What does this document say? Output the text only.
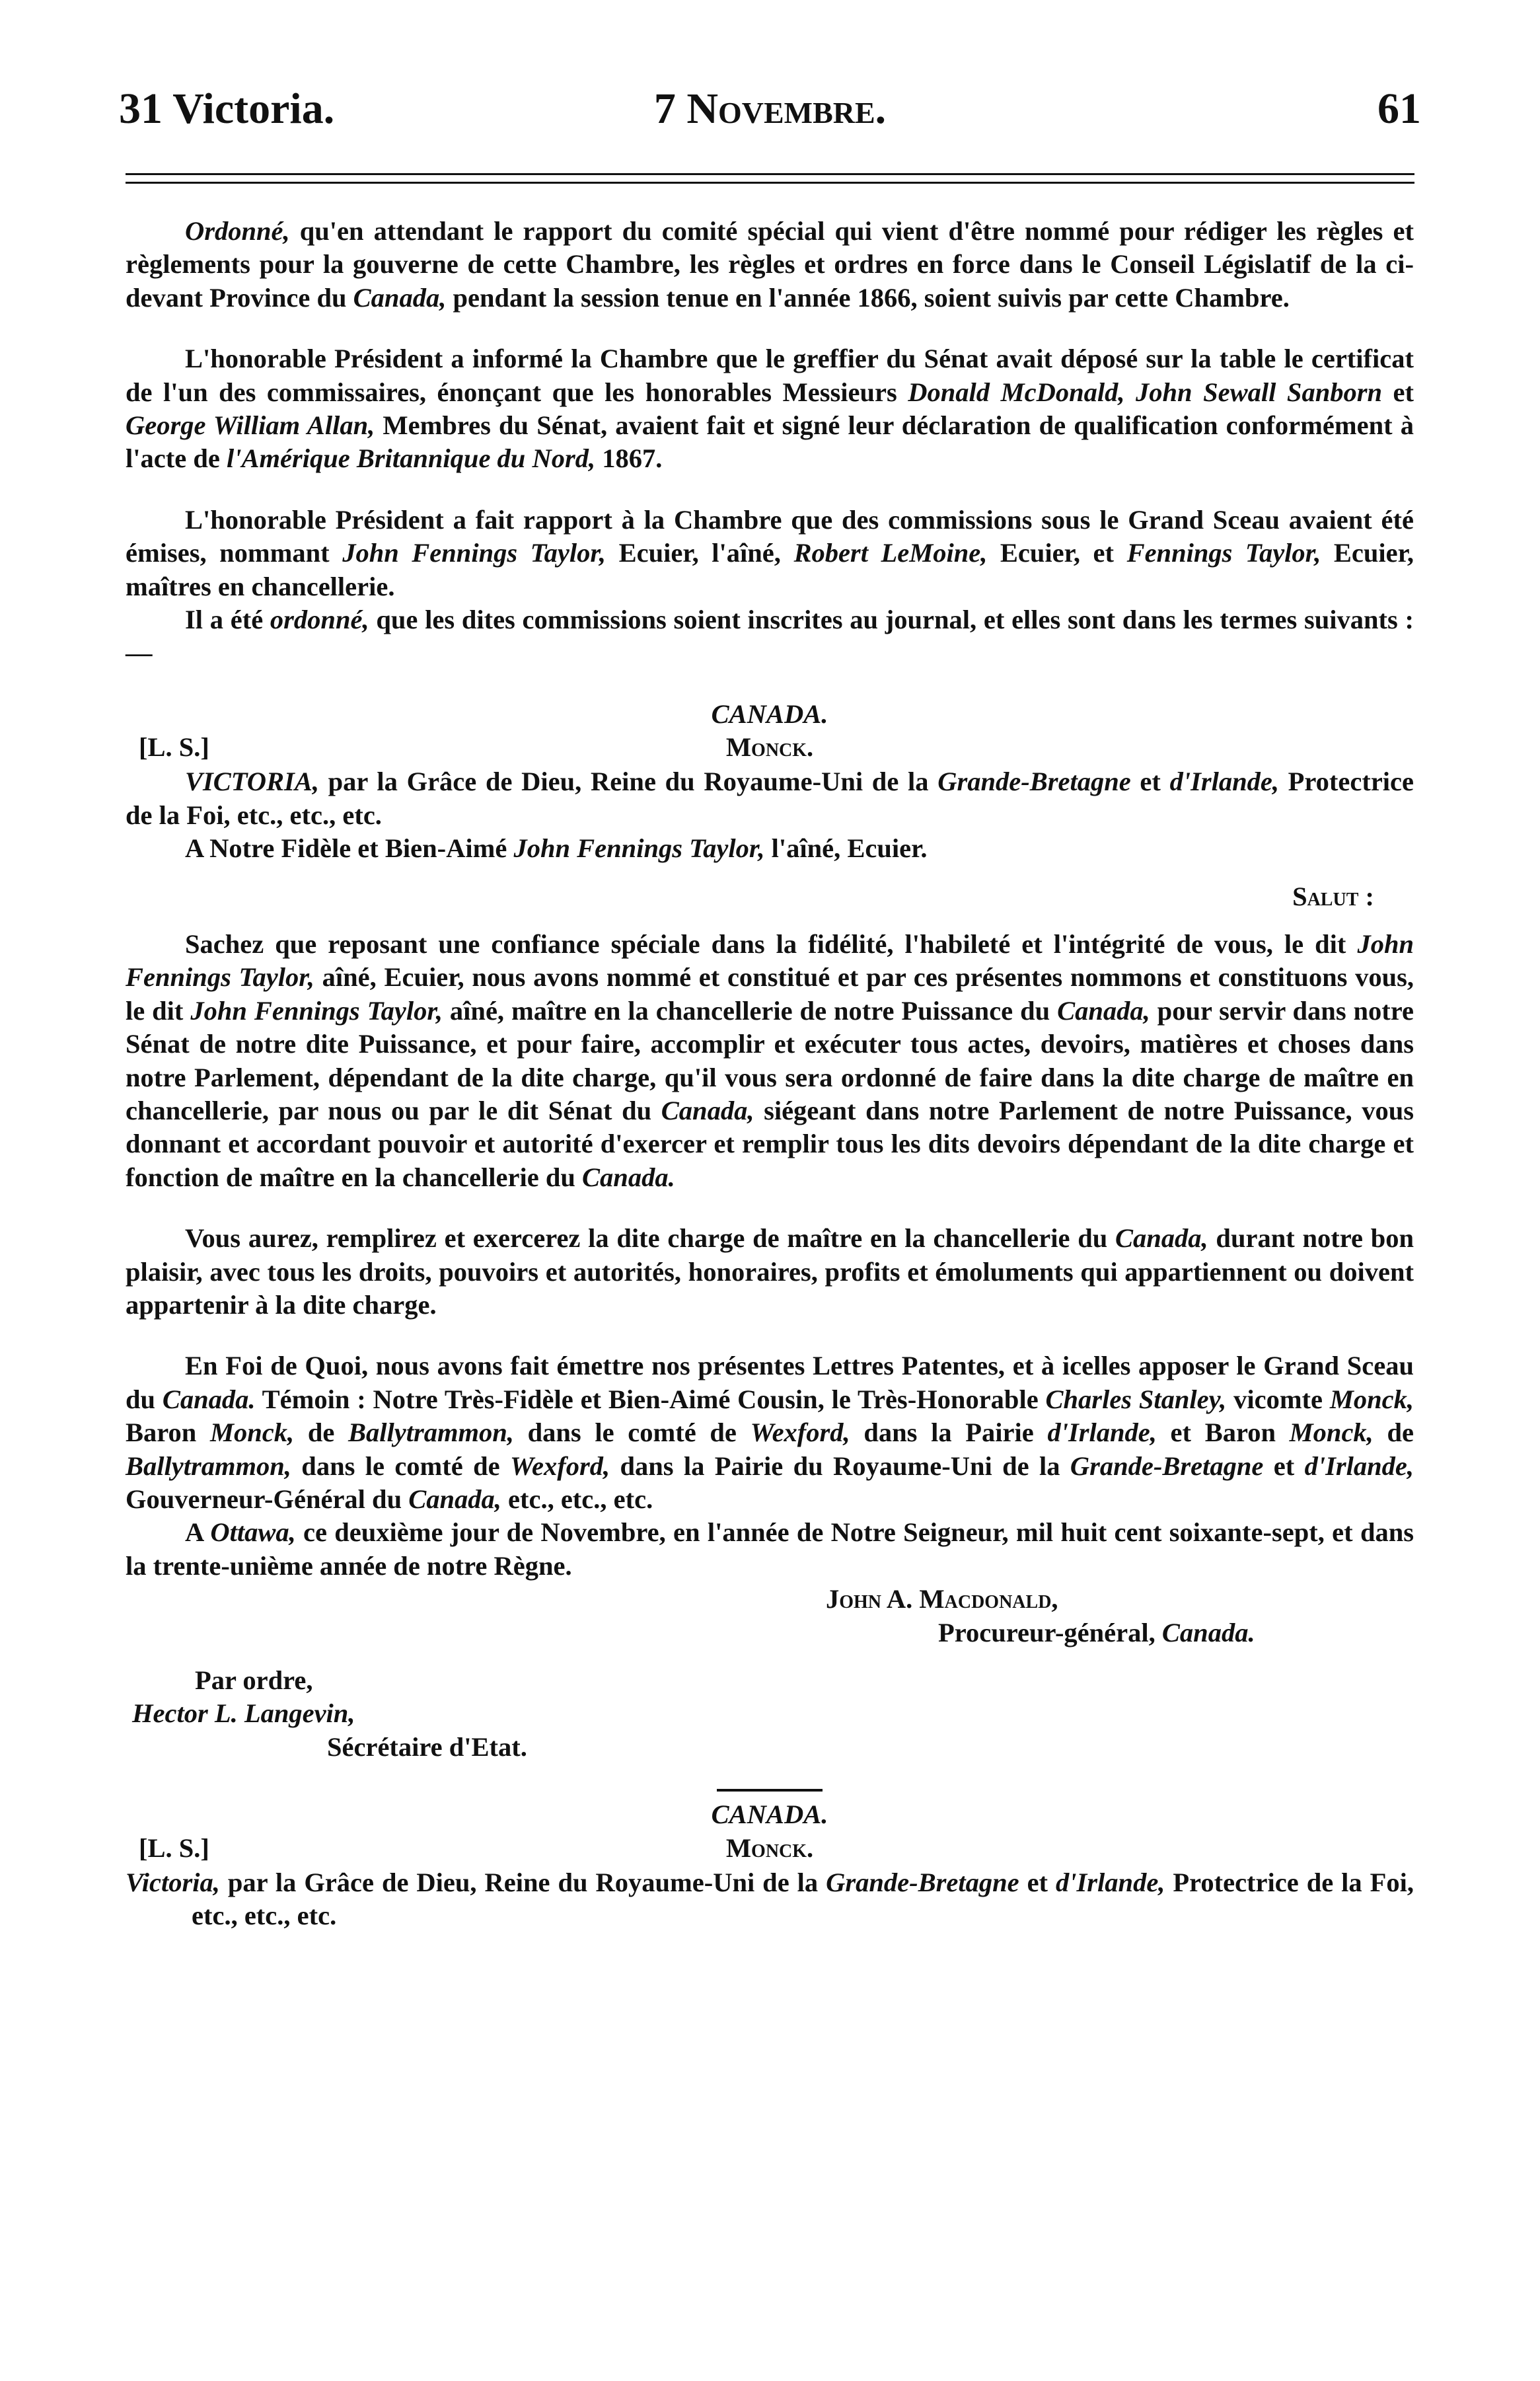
31 Victoria.	7 Novembre.	61

Ordonné, qu'en attendant le rapport du comité spécial qui vient d'être nommé pour rédiger les règles et règlements pour la gouverne de cette Chambre, les règles et ordres en force dans le Conseil Législatif de la ci-devant Province du Canada, pendant la session tenue en l'année 1866, soient suivis par cette Chambre.

L'honorable Président a informé la Chambre que le greffier du Sénat avait déposé sur la table le certificat de l'un des commissaires, énonçant que les honorables Messieurs Donald McDonald, John Sewall Sanborn et George William Allan, Membres du Sénat, avaient fait et signé leur déclaration de qualification conformément à l'acte de l'Amérique Britannique du Nord, 1867.

L'honorable Président a fait rapport à la Chambre que des commissions sous le Grand Sceau avaient été émises, nommant John Fennings Taylor, Ecuier, l'aîné, Robert LeMoine, Ecuier, et Fennings Taylor, Ecuier, maîtres en chancellerie.

Il a été ordonné, que les dites commissions soient inscrites au journal, et elles sont dans les termes suivants :—

CANADA.

[L. S.]	Monck.

VICTORIA, par la Grâce de Dieu, Reine du Royaume-Uni de la Grande-Bretagne et d'Irlande, Protectrice de la Foi, etc., etc., etc.

A Notre Fidèle et Bien-Aimé John Fennings Taylor, l'aîné, Ecuier.

Salut :

Sachez que reposant une confiance spéciale dans la fidélité, l'habileté et l'intégrité de vous, le dit John Fennings Taylor, aîné, Ecuier, nous avons nommé et constitué et par ces présentes nommons et constituons vous, le dit John Fennings Taylor, aîné, maître en la chancellerie de notre Puissance du Canada, pour servir dans notre Sénat de notre dite Puissance, et pour faire, accomplir et exécuter tous actes, devoirs, matières et choses dans notre Parlement, dépendant de la dite charge, qu'il vous sera ordonné de faire dans la dite charge de maître en chancellerie, par nous ou par le dit Sénat du Canada, siégeant dans notre Parlement de notre Puissance, vous donnant et accordant pouvoir et autorité d'exercer et remplir tous les dits devoirs dépendant de la dite charge et fonction de maître en la chancellerie du Canada.

Vous aurez, remplirez et exercerez la dite charge de maître en la chancellerie du Canada, durant notre bon plaisir, avec tous les droits, pouvoirs et autorités, honoraires, profits et émoluments qui appartiennent ou doivent appartenir à la dite charge.

En Foi de Quoi, nous avons fait émettre nos présentes Lettres Patentes, et à icelles apposer le Grand Sceau du Canada. Témoin : Notre Très-Fidèle et Bien-Aimé Cousin, le Très-Honorable Charles Stanley, vicomte Monck, Baron Monck, de Ballytrammon, dans le comté de Wexford, dans la Pairie d'Irlande, et Baron Monck, de Ballytrammon, dans le comté de Wexford, dans la Pairie du Royaume-Uni de la Grande-Bretagne et d'Irlande, Gouverneur-Général du Canada, etc., etc., etc.

A Ottawa, ce deuxième jour de Novembre, en l'année de Notre Seigneur, mil huit cent soixante-sept, et dans la trente-unième année de notre Règne.

John A. Macdonald,

Procureur-général, Canada.

Par ordre,

Hector L. Langevin,

Sécrétaire d'Etat.

CANADA.

[L. S.]	Monck.

Victoria, par la Grâce de Dieu, Reine du Royaume-Uni de la Grande-Bretagne et d'Irlande, Protectrice de la Foi, etc., etc., etc.
